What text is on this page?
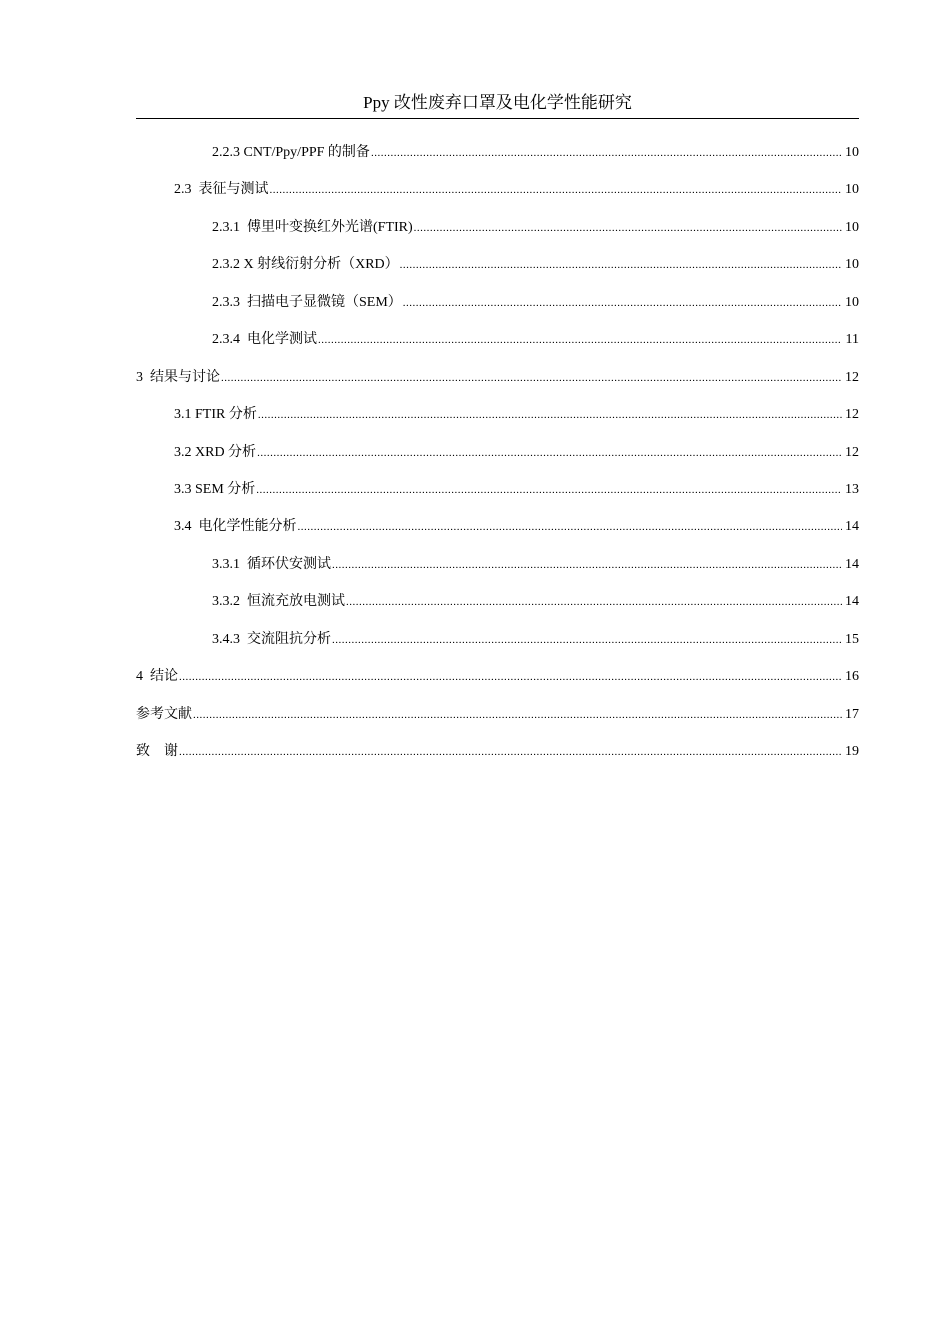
Ppy 改性废弃口罩及电化学性能研究
2.2.3 CNT/Ppy/PPF 的制备 .....	10
2.3  表征与测试 .....	10
2.3.1  傅里叶变换红外光谱(FTIR) .....	10
2.3.2 X 射线衍射分析（XRD） .....	10
2.3.3  扫描电子显微镜（SEM） .....	10
2.3.4  电化学测试 .....	11
3  结果与讨论 .....	12
3.1 FTIR 分析 .....	12
3.2 XRD 分析 .....	12
3.3 SEM 分析 .....	13
3.4  电化学性能分析 .....	14
3.3.1  循环伏安测试 .....	14
3.3.2  恒流充放电测试 .....	14
3.4.3  交流阻抗分析 .....	15
4  结论 .....	16
参考文献 .....	17
致    谢 .....	19
